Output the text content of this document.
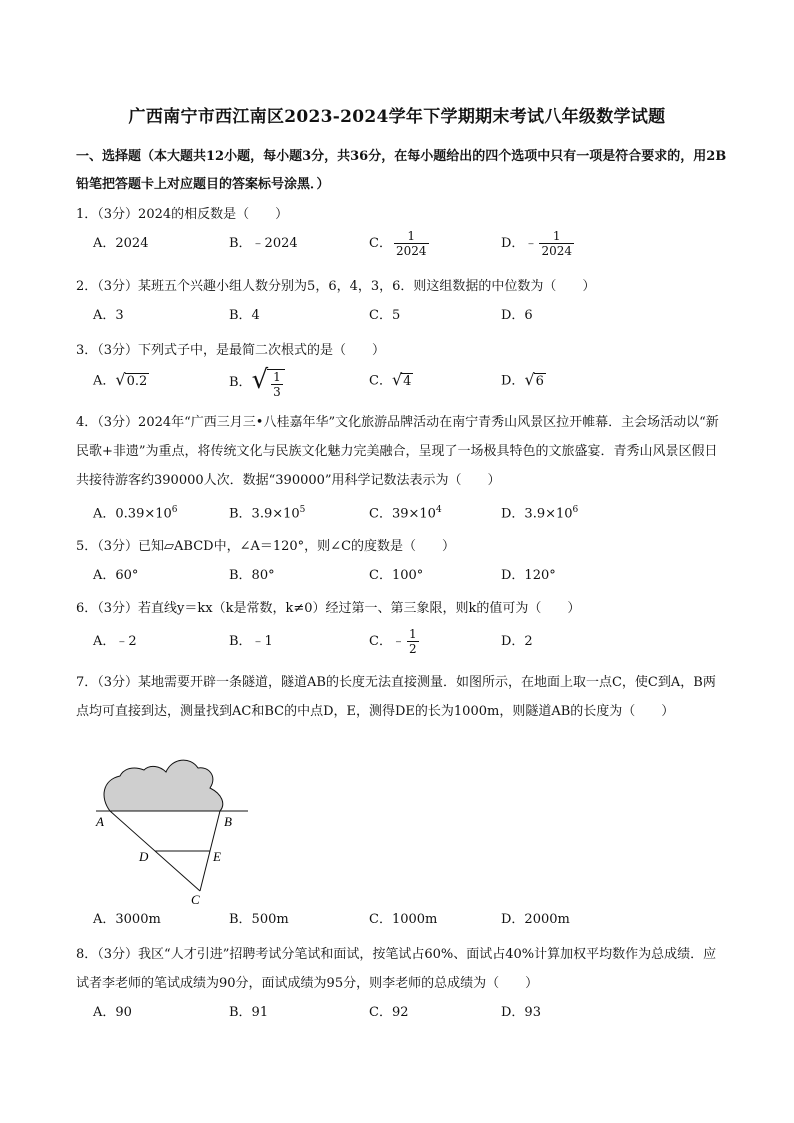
广西南宁市西江南区2023-2024学年下学期期末考试八年级数学试题
一、选择题（本大题共12小题，每小题3分，共36分，在每小题给出的四个选项中只有一项是符合要求的，用2B铅笔把答题卡上对应题目的答案标号涂黑．）
1．（3分）2024的相反数是（　　）
A．2024	B．﹣2024	C． $\frac{1}{2024}$	D．﹣ $\frac{1}{2024}$
2．（3分）某班五个兴趣小组人数分别为5，6，4，3，6．则这组数据的中位数为（　　）
A．3	B．4	C．5	D．6
3．（3分）下列式子中，是最简二次根式的是（　　）
A．√0.2	B．√ $\frac{1}{3}$	C．√4	D．√6
4．（3分）2024年“广西三月三•八桂嘉年华”文化旅游品牌活动在南宁青秀山风景区拉开帷幕．主会场活动以“新民歌+非遗”为重点，将传统文化与民族文化魅力完美融合，呈现了一场极具特色的文旅盛宴．青秀山风景区假日共接待游客约390000人次．数据“390000”用科学记数法表示为（　　）
A．$0.39\times 10^6$	B．$3.9\times 10^5$	C．$39\times 10^4$	D．$3.9\times 10^6$
5．（3分）已知▱ABCD中，∠A＝120°，则∠C的度数是（　　）
A．60°	B．80°	C．100°	D．120°
6．（3分）若直线y＝kx（k是常数，k≠0）经过第一、第三象限，则k的值可为（　　）
A．﹣2	B．﹣1	C．﹣ $\frac{1}{2}$	D．2
7．（3分）某地需要开辟一条隧道，隧道AB的长度无法直接测量．如图所示，在地面上取一点C，使C到A，B两点均可直接到达，测量找到AC和BC的中点D，E，测得DE的长为1000m，则隧道AB的长度为（　　）
A	B
D	E
C
A．3000m	B．500m	C．1000m	D．2000m
8．（3分）我区“人才引进”招聘考试分笔试和面试，按笔试占60%、面试占40%计算加权平均数作为总成绩．应试者李老师的笔试成绩为90分，面试成绩为95分，则李老师的总成绩为（　　）
A．90	B．91	C．92	D．93
